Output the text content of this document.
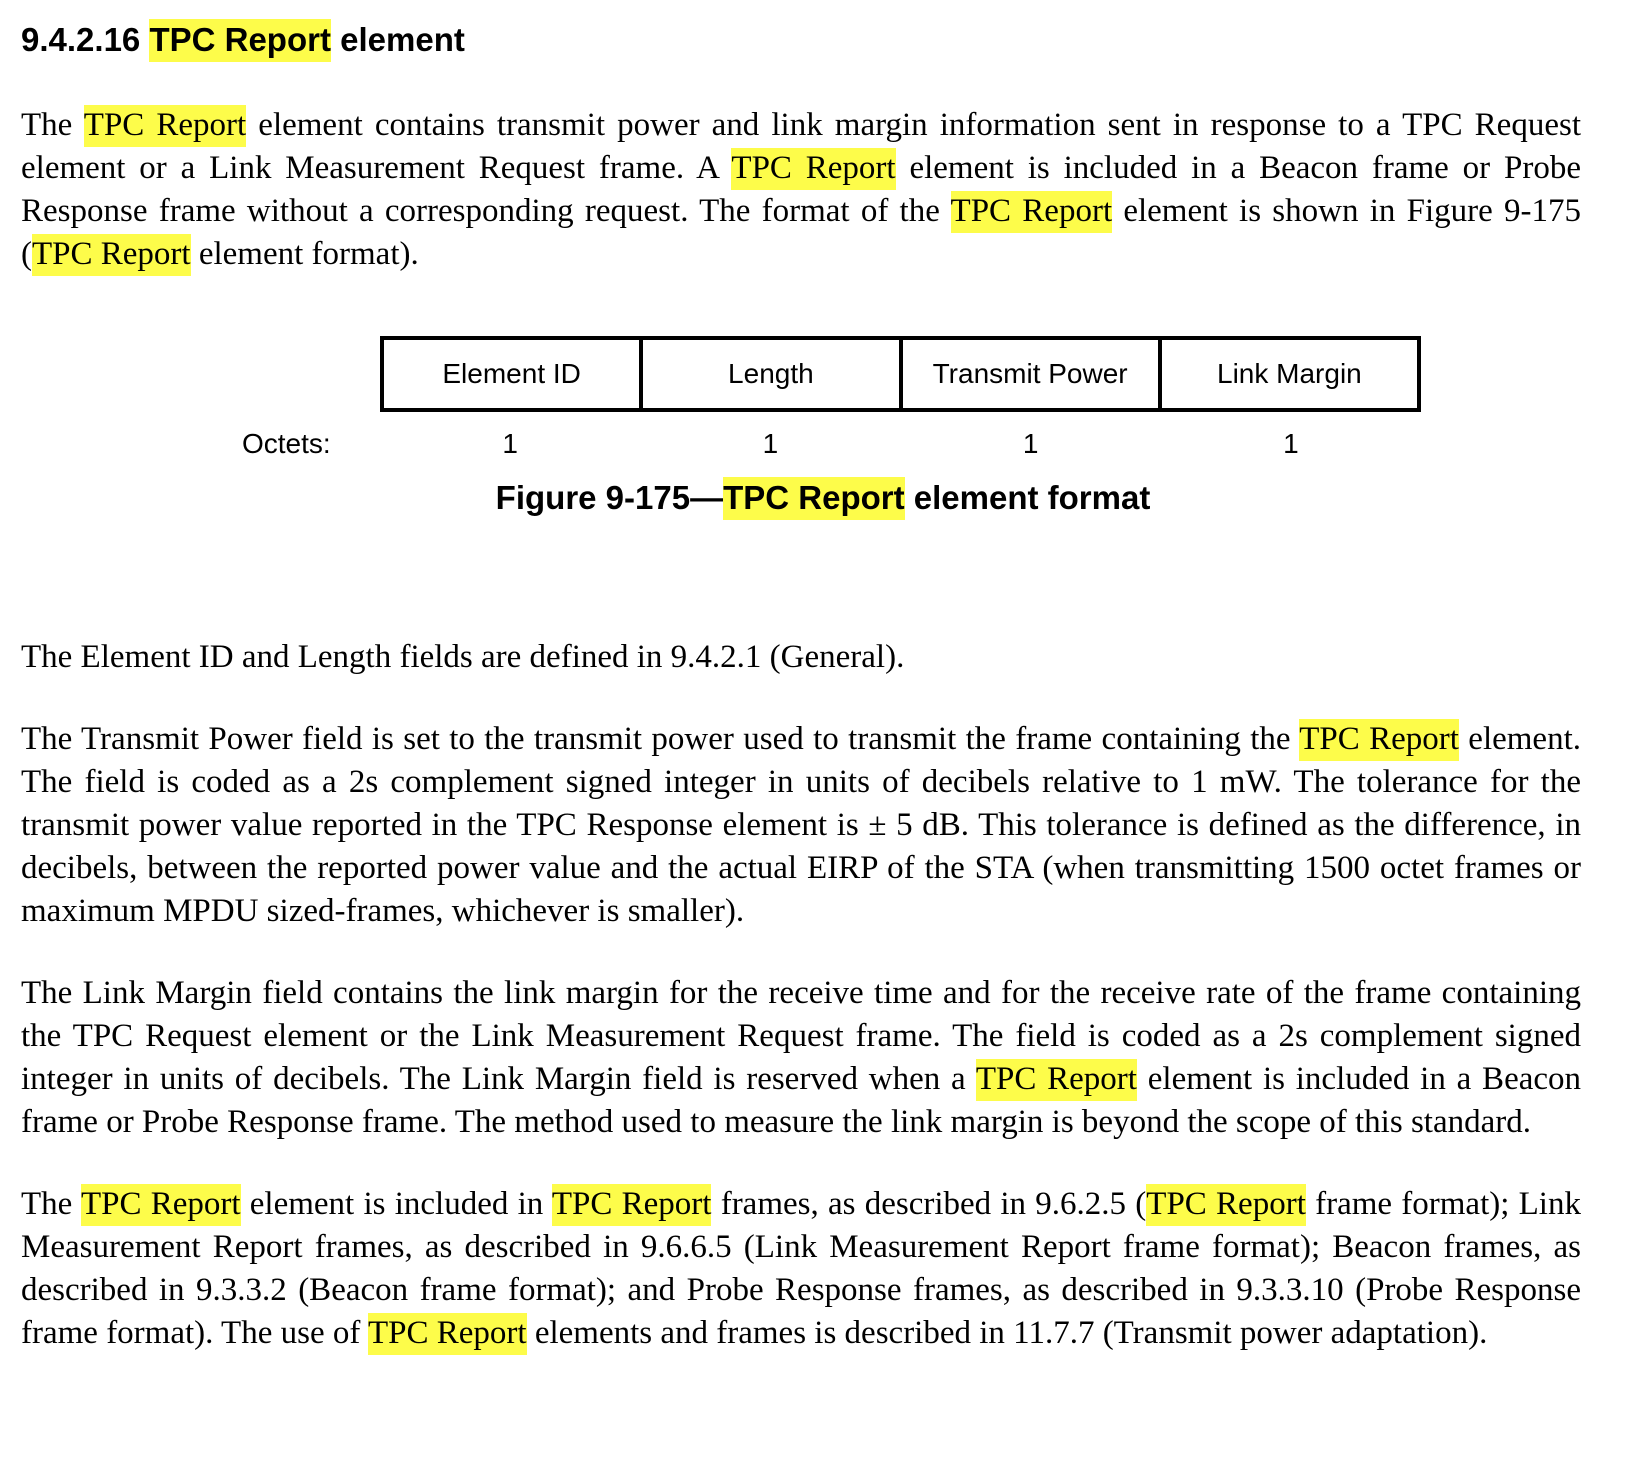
9.4.2.16 TPC Report element

The TPC Report element contains transmit power and link margin information sent in response to a TPC Request element or a Link Measurement Request frame. A TPC Report element is included in a Beacon frame or Probe Response frame without a corresponding request. The format of the TPC Report element is shown in Figure 9-175 (TPC Report element format).

Element ID	Length	Transmit Power	Link Margin
Octets:	1	1	1	1
Figure 9-175—TPC Report element format

The Element ID and Length fields are defined in 9.4.2.1 (General).

The Transmit Power field is set to the transmit power used to transmit the frame containing the TPC Report element. The field is coded as a 2s complement signed integer in units of decibels relative to 1 mW. The tolerance for the transmit power value reported in the TPC Response element is ± 5 dB. This tolerance is defined as the difference, in decibels, between the reported power value and the actual EIRP of the STA (when transmitting 1500 octet frames or maximum MPDU sized-frames, whichever is smaller).

The Link Margin field contains the link margin for the receive time and for the receive rate of the frame containing the TPC Request element or the Link Measurement Request frame. The field is coded as a 2s complement signed integer in units of decibels. The Link Margin field is reserved when a TPC Report element is included in a Beacon frame or Probe Response frame. The method used to measure the link margin is beyond the scope of this standard.

The TPC Report element is included in TPC Report frames, as described in 9.6.2.5 (TPC Report frame format); Link Measurement Report frames, as described in 9.6.6.5 (Link Measurement Report frame format); Beacon frames, as described in 9.3.3.2 (Beacon frame format); and Probe Response frames, as described in 9.3.3.10 (Probe Response frame format). The use of TPC Report elements and frames is described in 11.7.7 (Transmit power adaptation).
